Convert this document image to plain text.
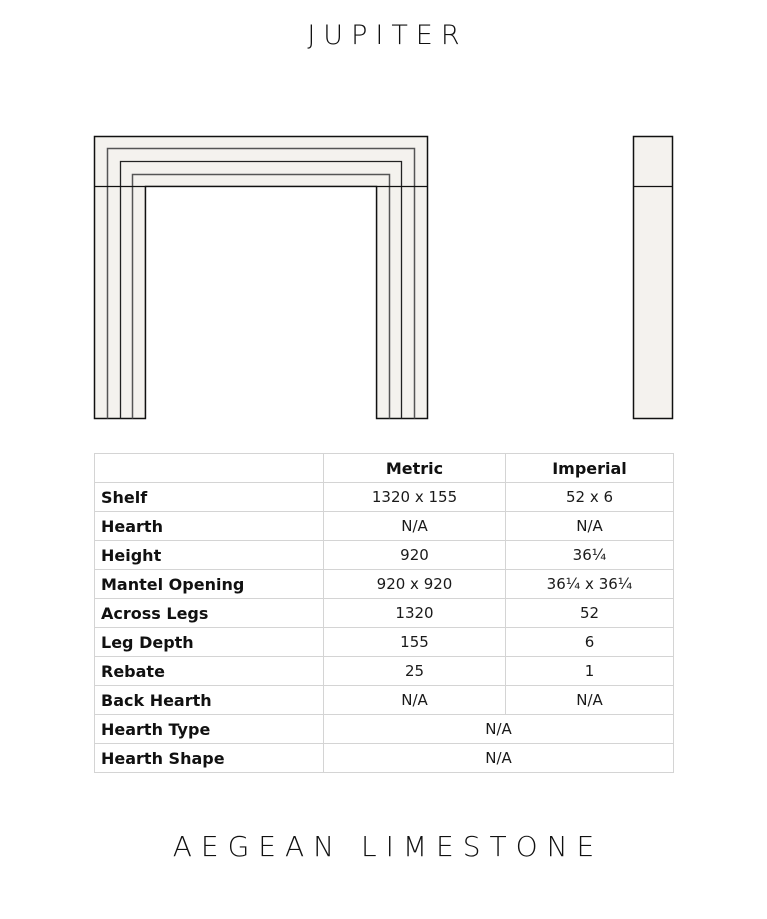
JUPITER
	Metric	Imperial
Shelf	1320 x 155	52 x 6
Hearth	N/A	N/A
Height	920	36¼
Mantel Opening	920 x 920	36¼ x 36¼
Across Legs	1320	52
Leg Depth	155	6
Rebate	25	1
Back Hearth	N/A	N/A
Hearth Type	N/A	
Hearth Shape	N/A	
AEGEAN LIMESTONE
